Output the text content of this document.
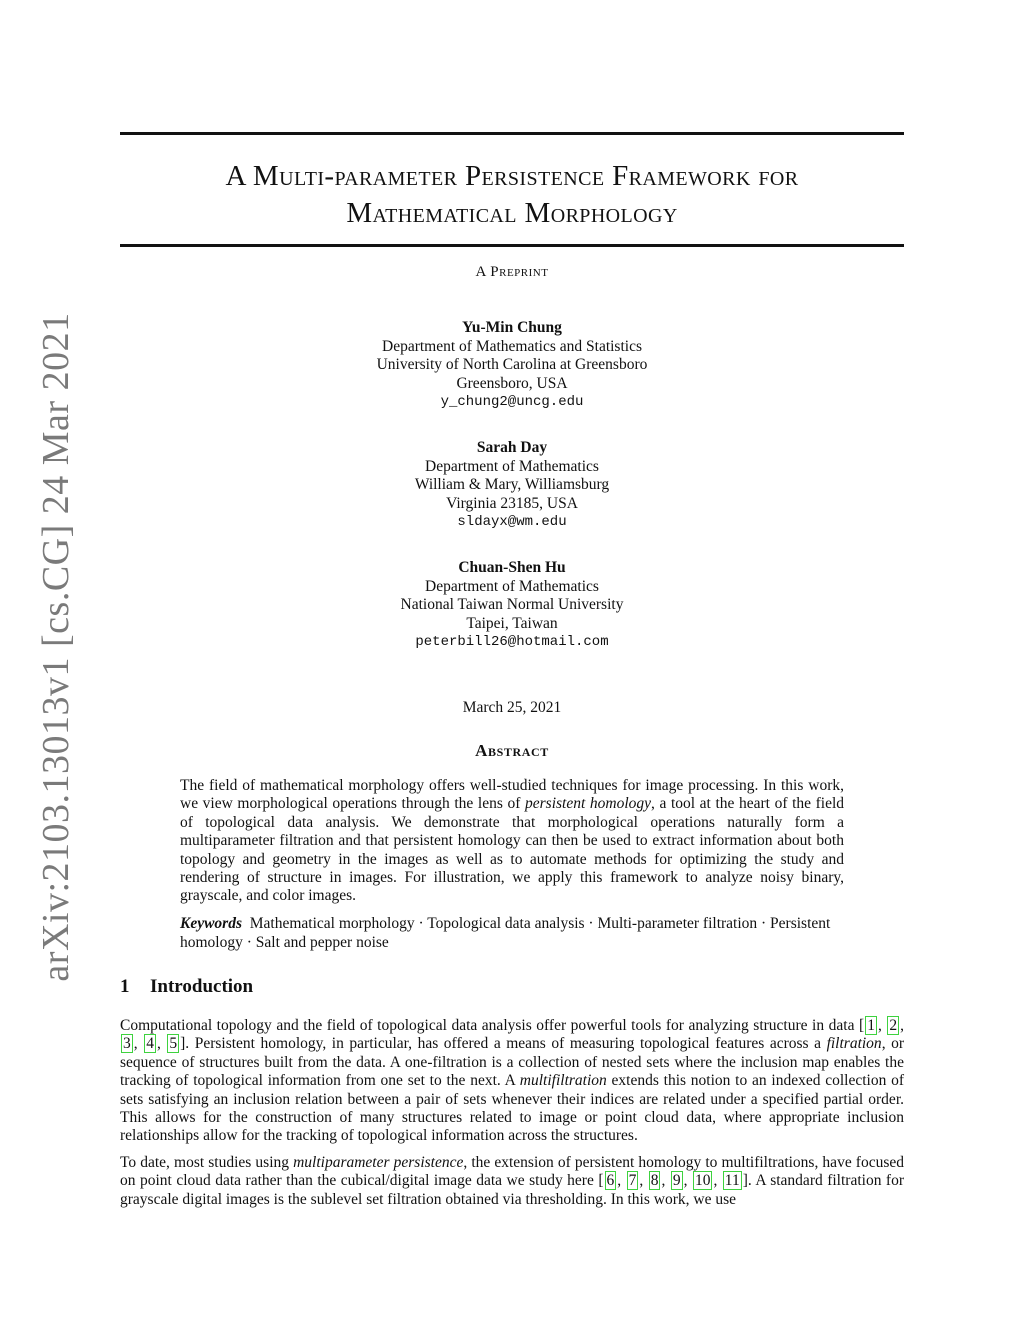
arXiv:2103.13013v1 [cs.CG] 24 Mar 2021
A Multi-parameter Persistence Framework for
Mathematical Morphology
A Preprint
Yu-Min Chung
Department of Mathematics and Statistics
University of North Carolina at Greensboro
Greensboro, USA
y_chung2@uncg.edu
Sarah Day
Department of Mathematics
William & Mary, Williamsburg
Virginia 23185, USA
sldayx@wm.edu
Chuan-Shen Hu
Department of Mathematics
National Taiwan Normal University
Taipei, Taiwan
peterbill26@hotmail.com
March 25, 2021
Abstract
The field of mathematical morphology offers well-studied techniques for image processing. In this work, we view morphological operations through the lens of persistent homology, a tool at the heart of the field of topological data analysis. We demonstrate that morphological operations naturally form a multiparameter filtration and that persistent homology can then be used to extract information about both topology and geometry in the images as well as to automate methods for optimizing the study and rendering of structure in images. For illustration, we apply this framework to analyze noisy binary, grayscale, and color images.
Keywords Mathematical morphology · Topological data analysis · Multi-parameter filtration · Persistent homology · Salt and pepper noise
1 Introduction
Computational topology and the field of topological data analysis offer powerful tools for analyzing structure in data [ 1 , 2 , 3 , 4 , 5 ]. Persistent homology, in particular, has offered a means of measuring topological features across a filtration, or sequence of structures built from the data. A one-filtration is a collection of nested sets where the inclusion map enables the tracking of topological information from one set to the next. A multifiltration extends this notion to an indexed collection of sets satisfying an inclusion relation between a pair of sets whenever their indices are related under a specified partial order. This allows for the construction of many structures related to image or point cloud data, where appropriate inclusion relationships allow for the tracking of topological information across the structures.
To date, most studies using multiparameter persistence, the extension of persistent homology to multifiltrations, have focused on point cloud data rather than the cubical/digital image data we study here [ 6 , 7 , 8 , 9 , 10 , 11 ]. A standard filtration for grayscale digital images is the sublevel set filtration obtained via thresholding. In this work, we use
